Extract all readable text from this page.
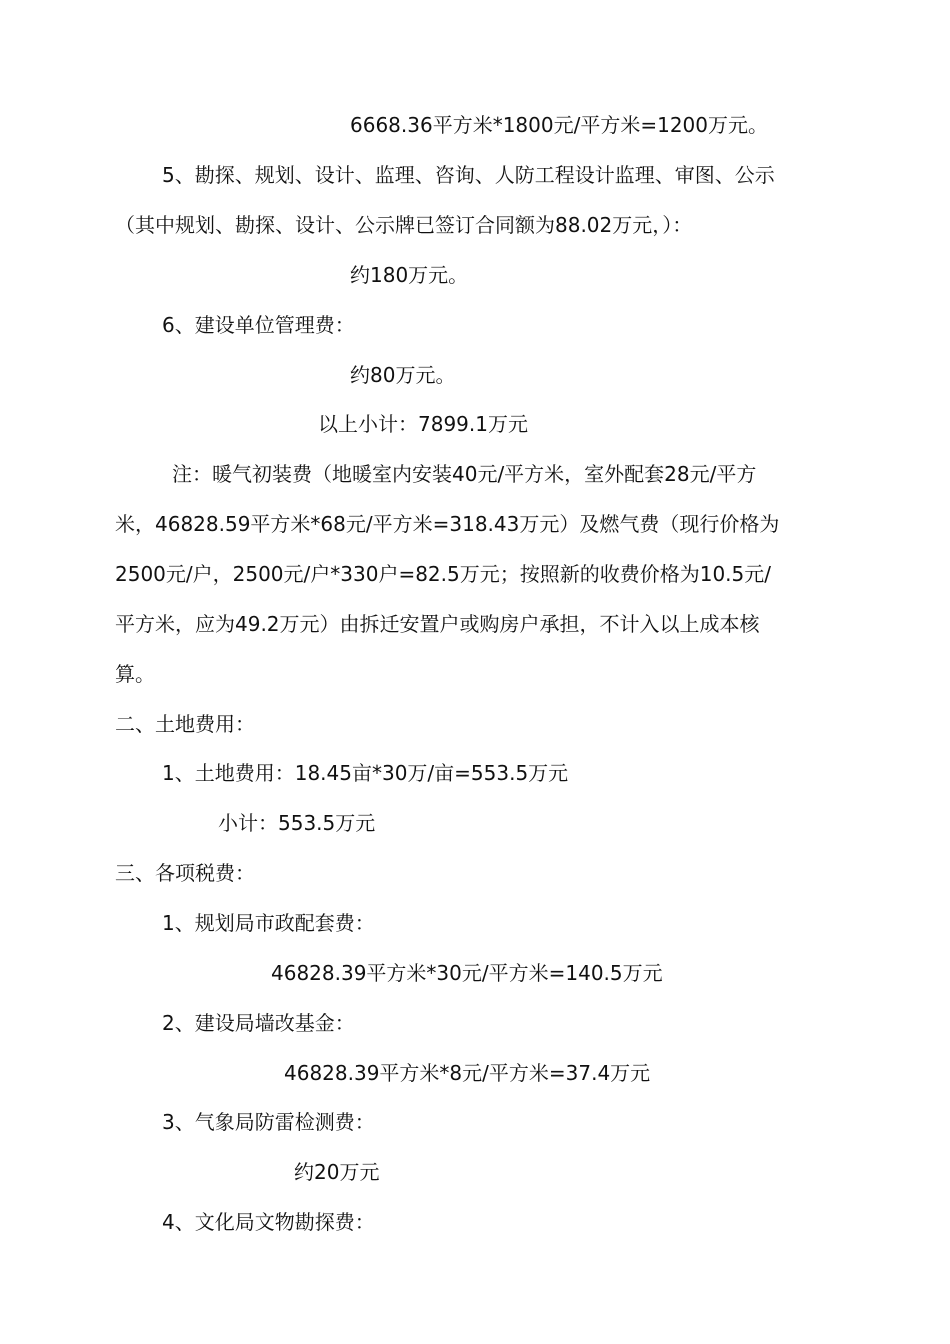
6668.36平方米*1800元/平方米=1200万元。
5、勘探、规划、设计、监理、咨询、人防工程设计监理、审图、公示
（其中规划、勘探、设计、公示牌已签订合同额为88.02万元，）：
约180万元。
6、建设单位管理费：
约80万元。
以上小计：7899.1万元
注：暖气初装费（地暖室内安装40元/平方米，室外配套28元/平方
米，46828.59平方米*68元/平方米=318.43万元）及燃气费（现行价格为
2500元/户，2500元/户*330户=82.5万元；按照新的收费价格为10.5元/
平方米，应为49.2万元）由拆迁安置户或购房户承担，不计入以上成本核
算。
二、土地费用：
1、土地费用：18.45亩*30万/亩=553.5万元
小计：553.5万元
三、各项税费：
1、规划局市政配套费：
46828.39平方米*30元/平方米=140.5万元
2、建设局墙改基金：
46828.39平方米*8元/平方米=37.4万元
3、气象局防雷检测费：
约20万元
4、文化局文物勘探费：
